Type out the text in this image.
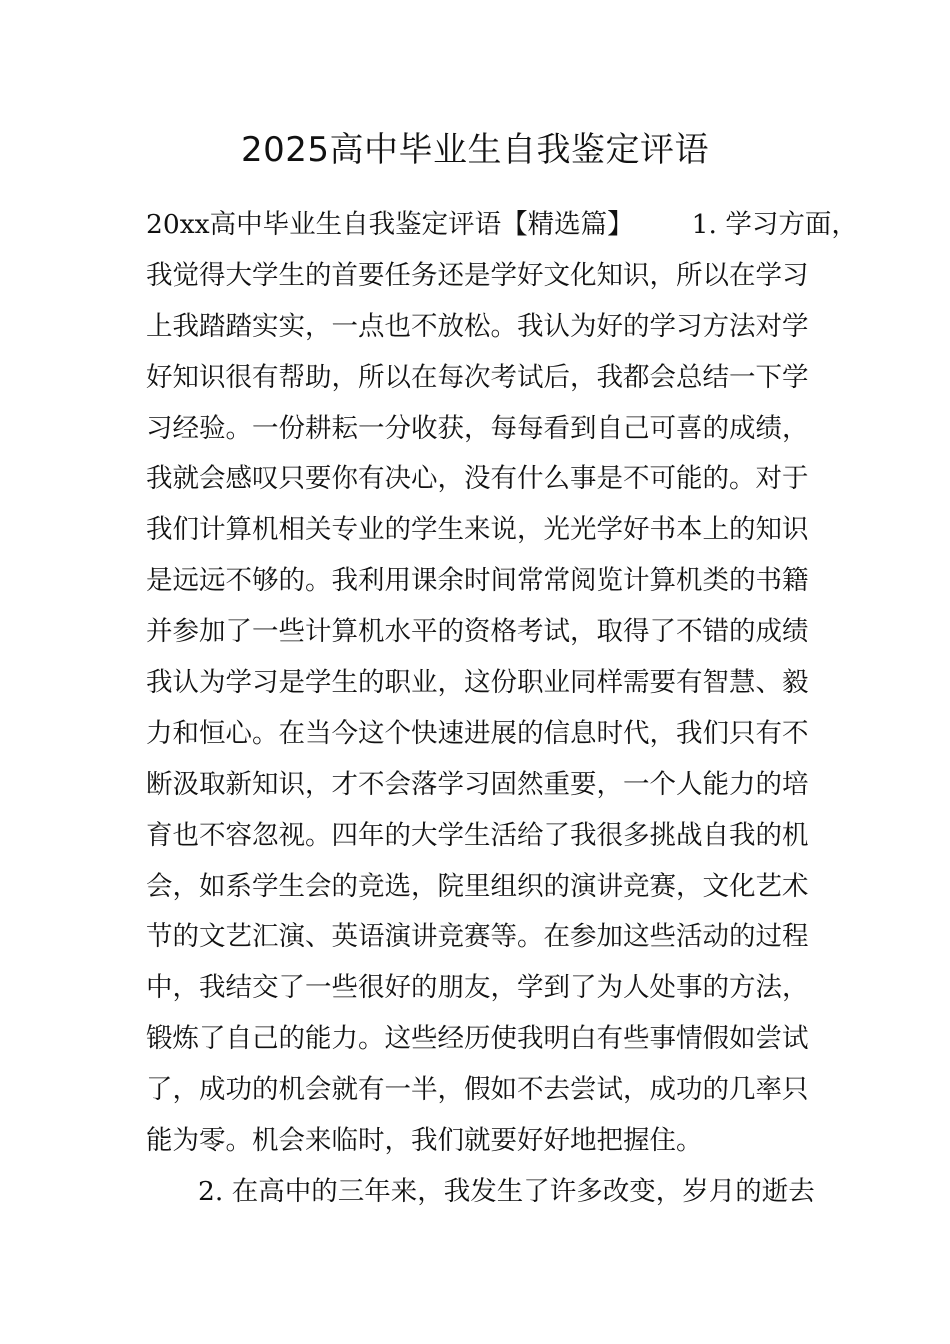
2025高中毕业生自我鉴定评语
20xx高中毕业生自我鉴定评语【精选篇】 1. 学习方面，
我觉得大学生的首要任务还是学好文化知识，所以在学习
上我踏踏实实，一点也不放松。我认为好的学习方法对学
好知识很有帮助，所以在每次考试后，我都会总结一下学
习经验。一份耕耘一分收获，每每看到自己可喜的成绩，
我就会感叹只要你有决心，没有什么事是不可能的。对于
我们计算机相关专业的学生来说，光光学好书本上的知识
是远远不够的。我利用课余时间常常阅览计算机类的书籍
并参加了一些计算机水平的资格考试，取得了不错的成绩
我认为学习是学生的职业，这份职业同样需要有智慧、毅
力和恒心。在当今这个快速进展的信息时代，我们只有不
断汲取新知识，才不会落学习固然重要，一个人能力的培
育也不容忽视。四年的大学生活给了我很多挑战自我的机
会，如系学生会的竞选，院里组织的演讲竞赛，文化艺术
节的文艺汇演、英语演讲竞赛等。在参加这些活动的过程
中，我结交了一些很好的朋友，学到了为人处事的方法，
锻炼了自己的能力。这些经历使我明白有些事情假如尝试
了，成功的机会就有一半，假如不去尝试，成功的几率只
能为零。机会来临时，我们就要好好地把握住。
2. 在高中的三年来，我发生了许多改变，岁月的逝去
